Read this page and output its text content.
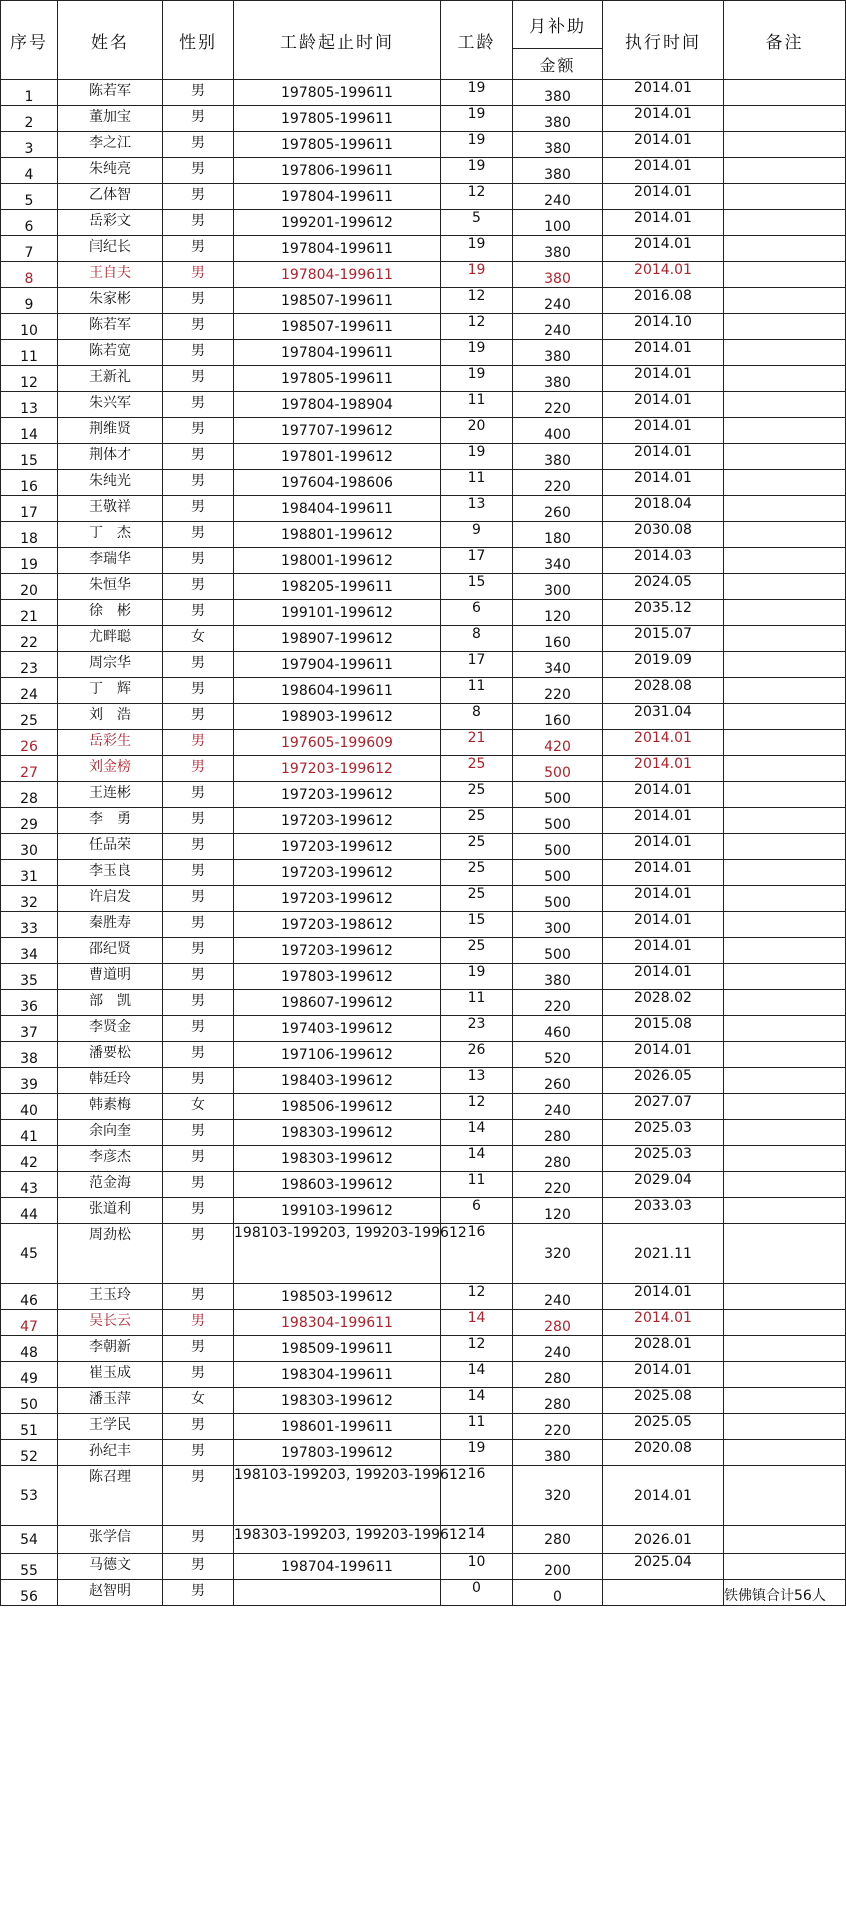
序号	姓名	性别	工龄起止时间	工龄	月补助	执行时间	备注
					金额		
1	陈若军	男	197805-199611	19	380	2014.01	
2	董加宝	男	197805-199611	19	380	2014.01	
3	李之江	男	197805-199611	19	380	2014.01	
4	朱纯亮	男	197806-199611	19	380	2014.01	
5	乙体智	男	197804-199611	12	240	2014.01	
6	岳彩文	男	199201-199612	5	100	2014.01	
7	闫纪长	男	197804-199611	19	380	2014.01	
8	王自夫	男	197804-199611	19	380	2014.01	
9	朱家彬	男	198507-199611	12	240	2016.08	
10	陈若军	男	198507-199611	12	240	2014.10	
11	陈若宽	男	197804-199611	19	380	2014.01	
12	王新礼	男	197805-199611	19	380	2014.01	
13	朱兴军	男	197804-198904	11	220	2014.01	
14	荆维贤	男	197707-199612	20	400	2014.01	
15	荆体才	男	197801-199612	19	380	2014.01	
16	朱纯光	男	197604-198606	11	220	2014.01	
17	王敬祥	男	198404-199611	13	260	2018.04	
18	丁　杰	男	198801-199612	9	180	2030.08	
19	李瑞华	男	198001-199612	17	340	2014.03	
20	朱恒华	男	198205-199611	15	300	2024.05	
21	徐　彬	男	199101-199612	6	120	2035.12	
22	尤畔聪	女	198907-199612	8	160	2015.07	
23	周宗华	男	197904-199611	17	340	2019.09	
24	丁　辉	男	198604-199611	11	220	2028.08	
25	刘　浩	男	198903-199612	8	160	2031.04	
26	岳彩生	男	197605-199609	21	420	2014.01	
27	刘金榜	男	197203-199612	25	500	2014.01	
28	王连彬	男	197203-199612	25	500	2014.01	
29	李　勇	男	197203-199612	25	500	2014.01	
30	任品荣	男	197203-199612	25	500	2014.01	
31	李玉良	男	197203-199612	25	500	2014.01	
32	许启发	男	197203-199612	25	500	2014.01	
33	秦胜寿	男	197203-198612	15	300	2014.01	
34	邵纪贤	男	197203-199612	25	500	2014.01	
35	曹道明	男	197803-199612	19	380	2014.01	
36	部　凯	男	198607-199612	11	220	2028.02	
37	李贤金	男	197403-199612	23	460	2015.08	
38	潘要松	男	197106-199612	26	520	2014.01	
39	韩廷玲	男	198403-199612	13	260	2026.05	
40	韩素梅	女	198506-199612	12	240	2027.07	
41	余向奎	男	198303-199612	14	280	2025.03	
42	李彦杰	男	198303-199612	14	280	2025.03	
43	范金海	男	198603-199612	11	220	2029.04	
44	张道利	男	199103-199612	6	120	2033.03	
45	周劲松	男	198103-199203, 199203-199612	16	320	2021.11	
46	王玉玲	男	198503-199612	12	240	2014.01	
47	吴长云	男	198304-199611	14	280	2014.01	
48	李朝新	男	198509-199611	12	240	2028.01	
49	崔玉成	男	198304-199611	14	280	2014.01	
50	潘玉萍	女	198303-199612	14	280	2025.08	
51	王学民	男	198601-199611	11	220	2025.05	
52	孙纪丰	男	197803-199612	19	380	2020.08	
53	陈召理	男	198103-199203, 199203-199612	16	320	2014.01	
54	张学信	男	198303-199203, 199203-199612	14	280	2026.01	
55	马德文	男	198704-199611	10	200	2025.04	
56	赵智明	男		0	0		铁佛镇合计56人
